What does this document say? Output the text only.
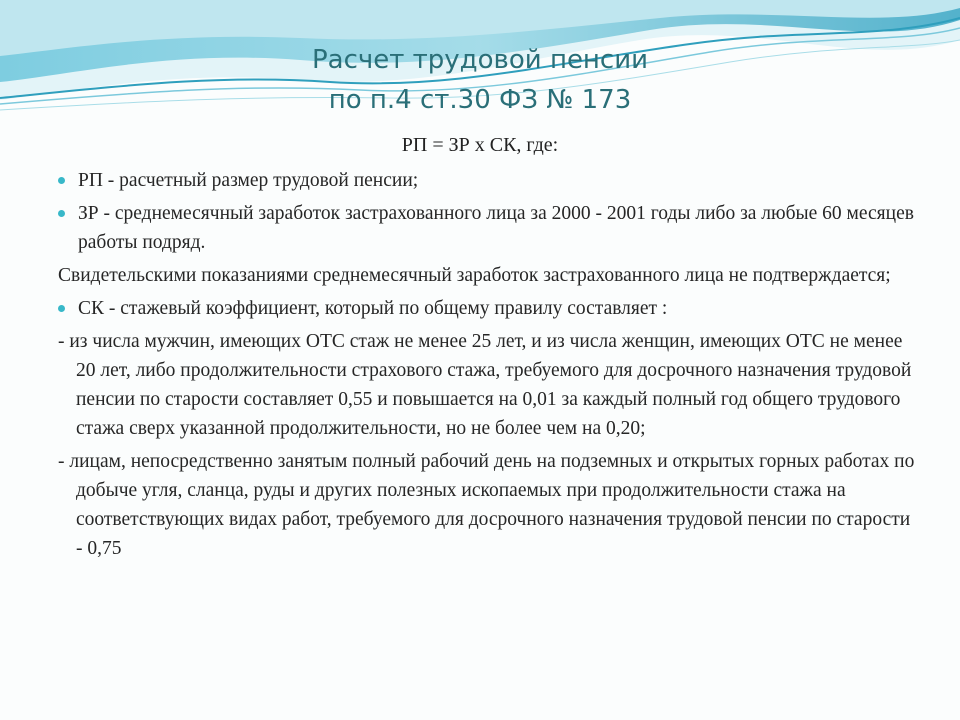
Расчет трудовой пенсии
по п.4 ст.30 ФЗ № 173
РП = ЗР х СК, где:
РП - расчетный размер трудовой пенсии;
ЗР - среднемесячный заработок застрахованного лица за 2000 - 2001 годы либо за любые 60 месяцев работы подряд.
Свидетельскими показаниями среднемесячный заработок застрахованного лица не подтверждается;
СК - стажевый коэффициент, который по общему правилу составляет :
- из числа мужчин, имеющих ОТС стаж не менее 25 лет, и из числа женщин, имеющих ОТС не менее 20 лет, либо продолжительности страхового стажа, требуемого для досрочного назначения трудовой пенсии по старости составляет 0,55 и повышается на 0,01 за каждый полный год общего трудового стажа сверх указанной продолжительности, но не более чем на 0,20;
- лицам, непосредственно занятым полный рабочий день на подземных и открытых горных работах по добыче угля, сланца, руды и других полезных ископаемых при продолжительности стажа на соответствующих видах работ, требуемого для досрочного назначения трудовой пенсии по старости - 0,75
